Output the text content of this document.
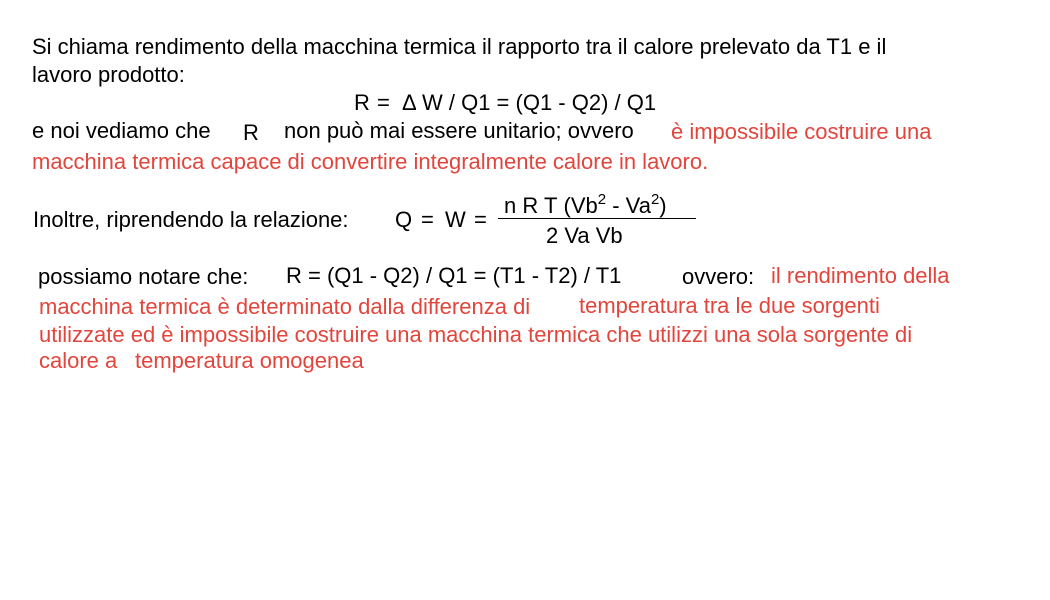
Si chiama rendimento della macchina termica il rapporto tra il calore prelevato da T1 e il
lavoro prodotto:
R = Δ W / Q1 = (Q1 - Q2) / Q1
e noi vediamo che R non può mai essere unitario; ovvero è impossibile costruire una
macchina termica capace di convertire integralmente calore in lavoro.
Inoltre, riprendendo la relazione: Q = W =
n R T (Vb$^2$ - Va$^2$)
2 Va Vb
possiamo notare che: R = (Q1 - Q2) / Q1 = (T1 - T2) / T1	ovvero: il rendimento della
macchina termica è determinato dalla differenza di temperatura tra le due sorgenti
utilizzate ed è impossibile costruire una macchina termica che utilizzi una sola sorgente di
calore a temperatura omogenea
